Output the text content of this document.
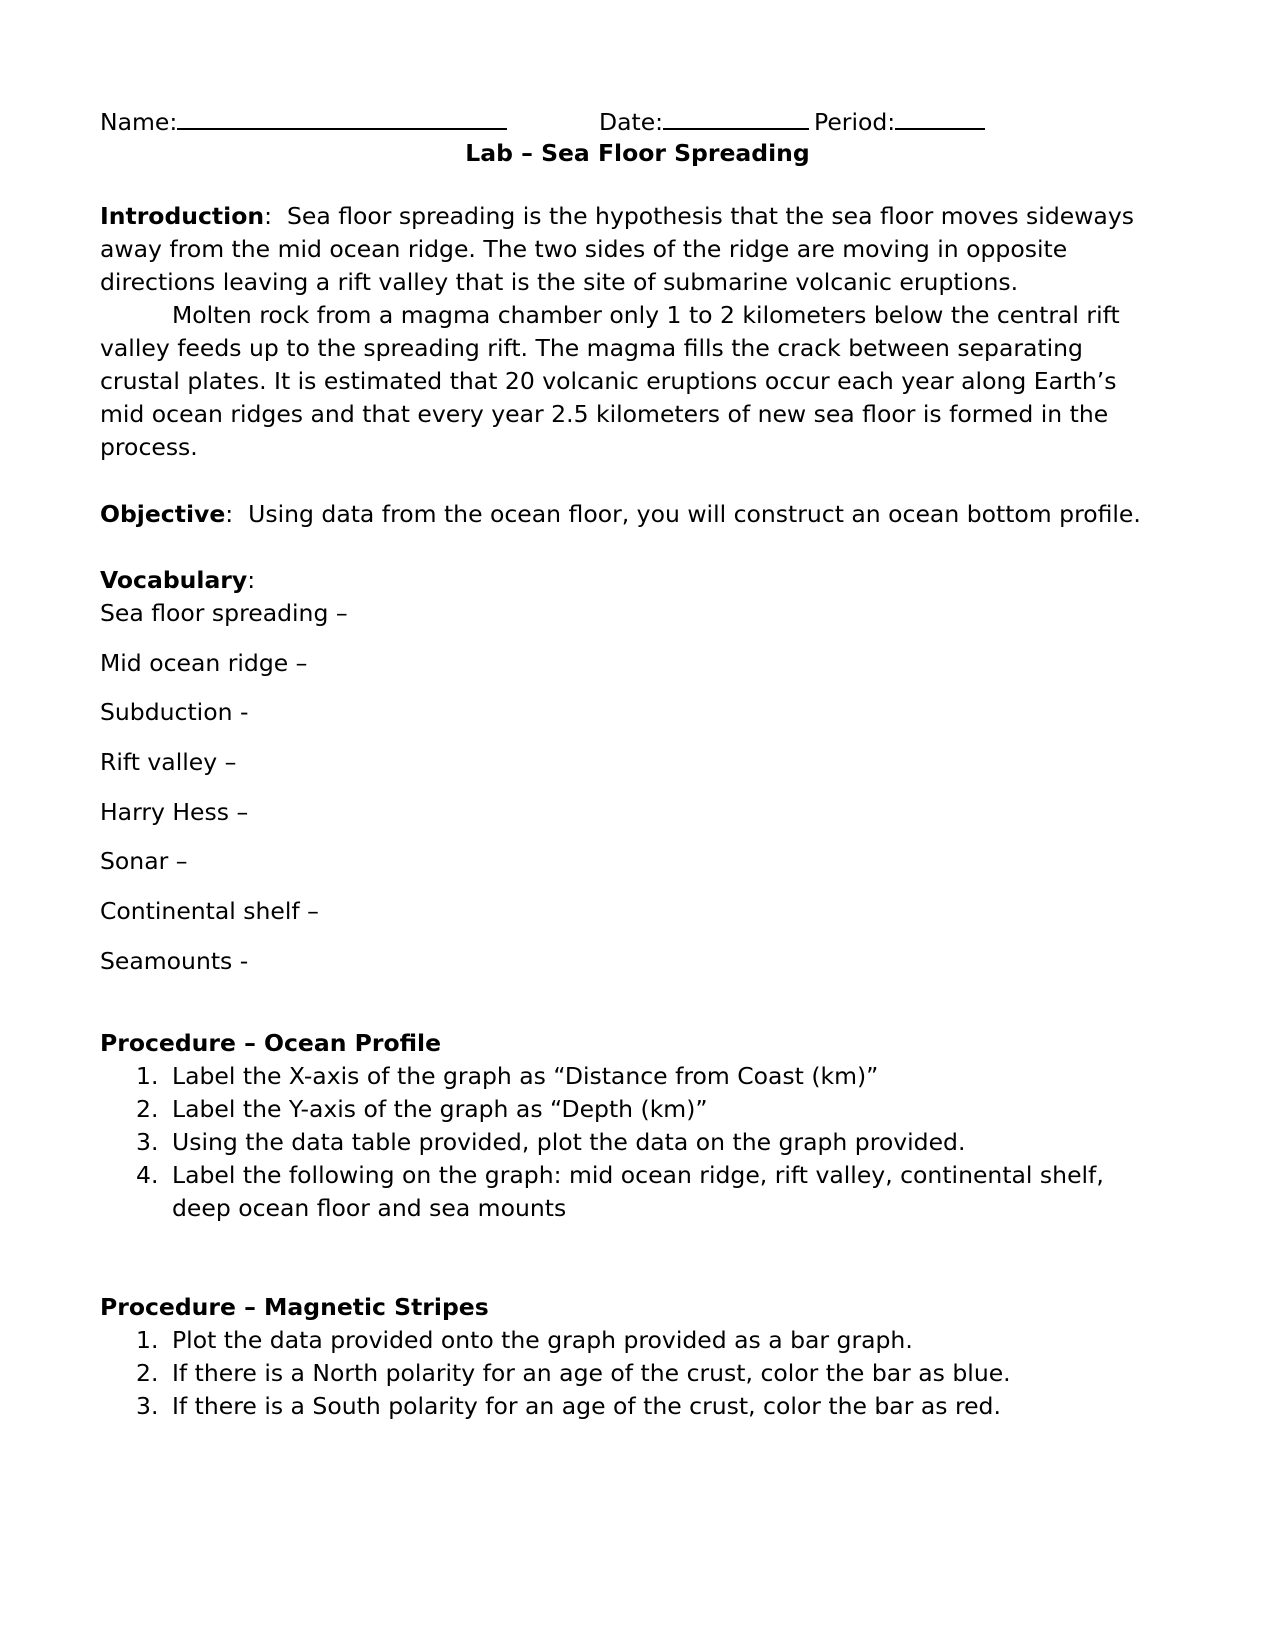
Name:	Date:	Period:
Lab – Sea Floor Spreading
Introduction:  Sea floor spreading is the hypothesis that the sea floor moves sideways
away from the mid ocean ridge. The two sides of the ridge are moving in opposite
directions leaving a rift valley that is the site of submarine volcanic eruptions.
Molten rock from a magma chamber only 1 to 2 kilometers below the central rift
valley feeds up to the spreading rift. The magma fills the crack between separating
crustal plates. It is estimated that 20 volcanic eruptions occur each year along Earth’s
mid ocean ridges and that every year 2.5 kilometers of new sea floor is formed in the
process.
Objective:  Using data from the ocean floor, you will construct an ocean bottom profile.
Vocabulary:
Sea floor spreading –
Mid ocean ridge –
Subduction -
Rift valley –
Harry Hess –
Sonar –
Continental shelf –
Seamounts -
Procedure – Ocean Profile
1. Label the X-axis of the graph as “Distance from Coast (km)”
2. Label the Y-axis of the graph as “Depth (km)”
3. Using the data table provided, plot the data on the graph provided.
4. Label the following on the graph: mid ocean ridge, rift valley, continental shelf,
deep ocean floor and sea mounts
Procedure – Magnetic Stripes
1. Plot the data provided onto the graph provided as a bar graph.
2. If there is a North polarity for an age of the crust, color the bar as blue.
3. If there is a South polarity for an age of the crust, color the bar as red.
